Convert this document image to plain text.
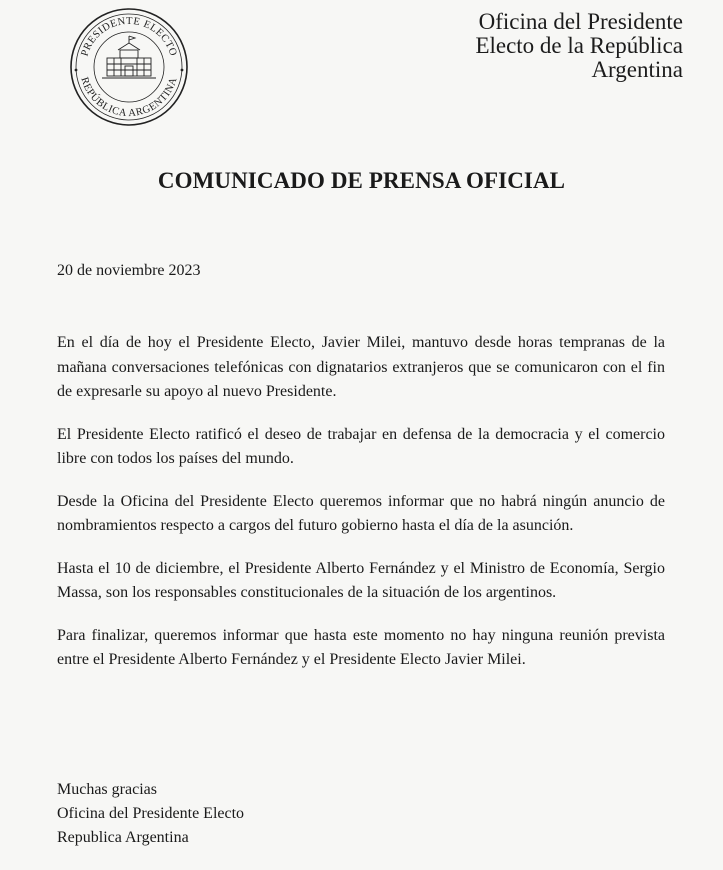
PRESIDENTE ELECTO
REPÚBLICA ARGENTINA
Oficina del Presidente
Electo de la República
Argentina
COMUNICADO DE PRENSA OFICIAL
20 de noviembre 2023

En el día de hoy el Presidente Electo, Javier Milei, mantuvo desde horas tempranas de la mañana conversaciones telefónicas con dignatarios extranjeros que se comunicaron con el fin de expresarle su apoyo al nuevo Presidente.

El Presidente Electo ratificó el deseo de trabajar en defensa de la democracia y el comercio libre con todos los países del mundo.

Desde la Oficina del Presidente Electo queremos informar que no habrá ningún anuncio de nombramientos respecto a cargos del futuro gobierno hasta el día de la asunción.

Hasta el 10 de diciembre, el Presidente Alberto Fernández y el Ministro de Economía, Sergio Massa, son los responsables constitucionales de la situación de los argentinos.

Para finalizar, queremos informar que hasta este momento no hay ninguna reunión prevista entre el Presidente Alberto Fernández y el Presidente Electo Javier Milei.

Muchas gracias
Oficina del Presidente Electo
Republica Argentina
